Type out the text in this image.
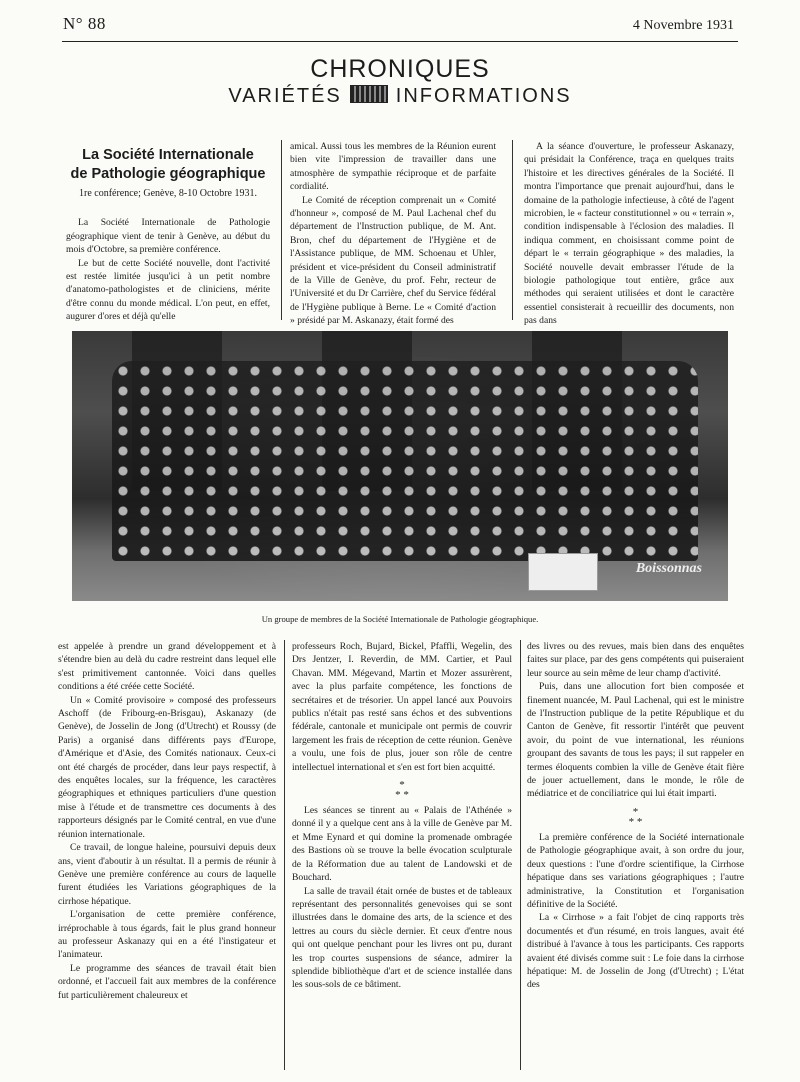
N° 88	4 Novembre 1931
CHRONIQUES
VARIÉTÉS	INFORMATIONS
La Société Internationale
de Pathologie géographique
1re conférence; Genève, 8-10 Octobre 1931.

La Société Internationale de Pathologie géographique vient de tenir à Genève, au début du mois d'Octobre, sa première conférence.

Le but de cette Société nouvelle, dont l'activité est restée limitée jusqu'ici à un petit nombre d'anatomo-pathologistes et de cliniciens, mérite d'être connu du monde médical. L'on peut, en effet, augurer d'ores et déjà qu'elle

amical. Aussi tous les membres de la Réunion eurent bien vite l'impression de travailler dans une atmosphère de sympathie réciproque et de parfaite cordialité.

Le Comité de réception comprenait un « Comité d'honneur », composé de M. Paul Lachenal chef du département de l'Instruction publique, de M. Ant. Bron, chef du département de l'Hygiène et de l'Assistance publique, de MM. Schoenau et Uhler, président et vice-président du Conseil administratif de la Ville de Genève, du prof. Fehr, recteur de l'Université et du Dr Carrière, chef du Service fédéral de l'Hygiène publique à Berne. Le « Comité d'action » présidé par M. Askanazy, était formé des

A la séance d'ouverture, le professeur Askanazy, qui présidait la Conférence, traça en quelques traits l'histoire et les directives générales de la Société. Il montra l'importance que prenait aujourd'hui, dans le domaine de la pathologie infectieuse, à côté de l'agent microbien, le « facteur constitutionnel » ou « terrain », condition indispensable à l'éclosion des maladies. Il indiqua comment, en choisissant comme point de départ le « terrain géographique » des maladies, la Société nouvelle devait embrasser l'étude de la biologie pathologique tout entière, grâce aux méthodes qui seraient utilisées et dont le caractère essentiel consisterait à recueillir des documents, non pas dans

Boissonnas
Un groupe de membres de la Société Internationale de Pathologie géographique.

est appelée à prendre un grand développement et à s'étendre bien au delà du cadre restreint dans lequel elle s'est primitivement cantonnée. Voici dans quelles conditions a été créée cette Société.

Un « Comité provisoire » composé des professeurs Aschoff (de Fribourg-en-Brisgau), Askanazy (de Genève), de Josselin de Jong (d'Utrecht) et Roussy (de Paris) a organisé dans différents pays d'Europe, d'Amérique et d'Asie, des Comités nationaux. Ceux-ci ont été chargés de procéder, dans leur pays respectif, à des enquêtes locales, sur la fréquence, les caractères géographiques et ethniques particuliers d'une question mise à l'étude et de transmettre ces documents à des rapporteurs désignés par le Comité central, en vue d'une réunion internationale.

Ce travail, de longue haleine, poursuivi depuis deux ans, vient d'aboutir à un résultat. Il a permis de réunir à Genève une première conférence au cours de laquelle furent étudiées les Variations géographiques de la cirrhose hépatique.

L'organisation de cette première conférence, irréprochable à tous égards, fait le plus grand honneur au professeur Askanazy qui en a été l'instigateur et l'animateur.

Le programme des séances de travail était bien ordonné, et l'accueil fait aux membres de la conférence fut particulièrement chaleureux et

professeurs Roch, Bujard, Bickel, Pfaffli, Wegelin, des Drs Jentzer, I. Reverdin, de MM. Cartier, et Paul Chavan. MM. Mégevand, Martin et Mozer assurèrent, avec la plus parfaite compétence, les fonctions de secrétaires et de trésorier. Un appel lancé aux Pouvoirs publics n'était pas resté sans échos et des subventions fédérale, cantonale et municipale ont permis de couvrir largement les frais de réception de cette réunion. Genève a voulu, une fois de plus, jouer son rôle de centre intellectuel international et s'en est fort bien acquitté.

*
* *

Les séances se tinrent au « Palais de l'Athénée » donné il y a quelque cent ans à la ville de Genève par M. et Mme Eynard et qui domine la promenade ombragée des Bastions où se trouve la belle évocation sculpturale de la Réformation due au talent de Landowski et de Bouchard.

La salle de travail était ornée de bustes et de tableaux représentant des personnalités genevoises qui se sont illustrées dans le domaine des arts, de la science et des lettres au cours du siècle dernier. Et ceux d'entre nous qui ont quelque penchant pour les livres ont pu, durant les trop courtes suspensions de séance, admirer la splendide bibliothèque d'art et de science installée dans les sous-sols de ce bâtiment.

des livres ou des revues, mais bien dans des enquêtes faites sur place, par des gens compétents qui puiseraient leur source au sein même de leur champ d'activité.

Puis, dans une allocution fort bien composée et finement nuancée, M. Paul Lachenal, qui est le ministre de l'Instruction publique de la petite République et du Canton de Genève, fit ressortir l'intérêt que peuvent avoir, du point de vue international, les réunions groupant des savants de tous les pays; il sut rappeler en termes éloquents combien la ville de Genève était fière de jouer actuellement, dans le monde, le rôle de médiatrice et de conciliatrice qui lui était imparti.

*
* *

La première conférence de la Société internationale de Pathologie géographique avait, à son ordre du jour, deux questions : l'une d'ordre scientifique, la Cirrhose hépatique dans ses variations géographiques ; l'autre administrative, la Constitution et l'organisation définitive de la Société.

La « Cirrhose » a fait l'objet de cinq rapports très documentés et d'un résumé, en trois langues, avait été distribué à l'avance à tous les participants. Ces rapports avaient été divisés comme suit : Le foie dans la cirrhose hépatique: M. de Josselin de Jong (d'Utrecht) ; L'état des
